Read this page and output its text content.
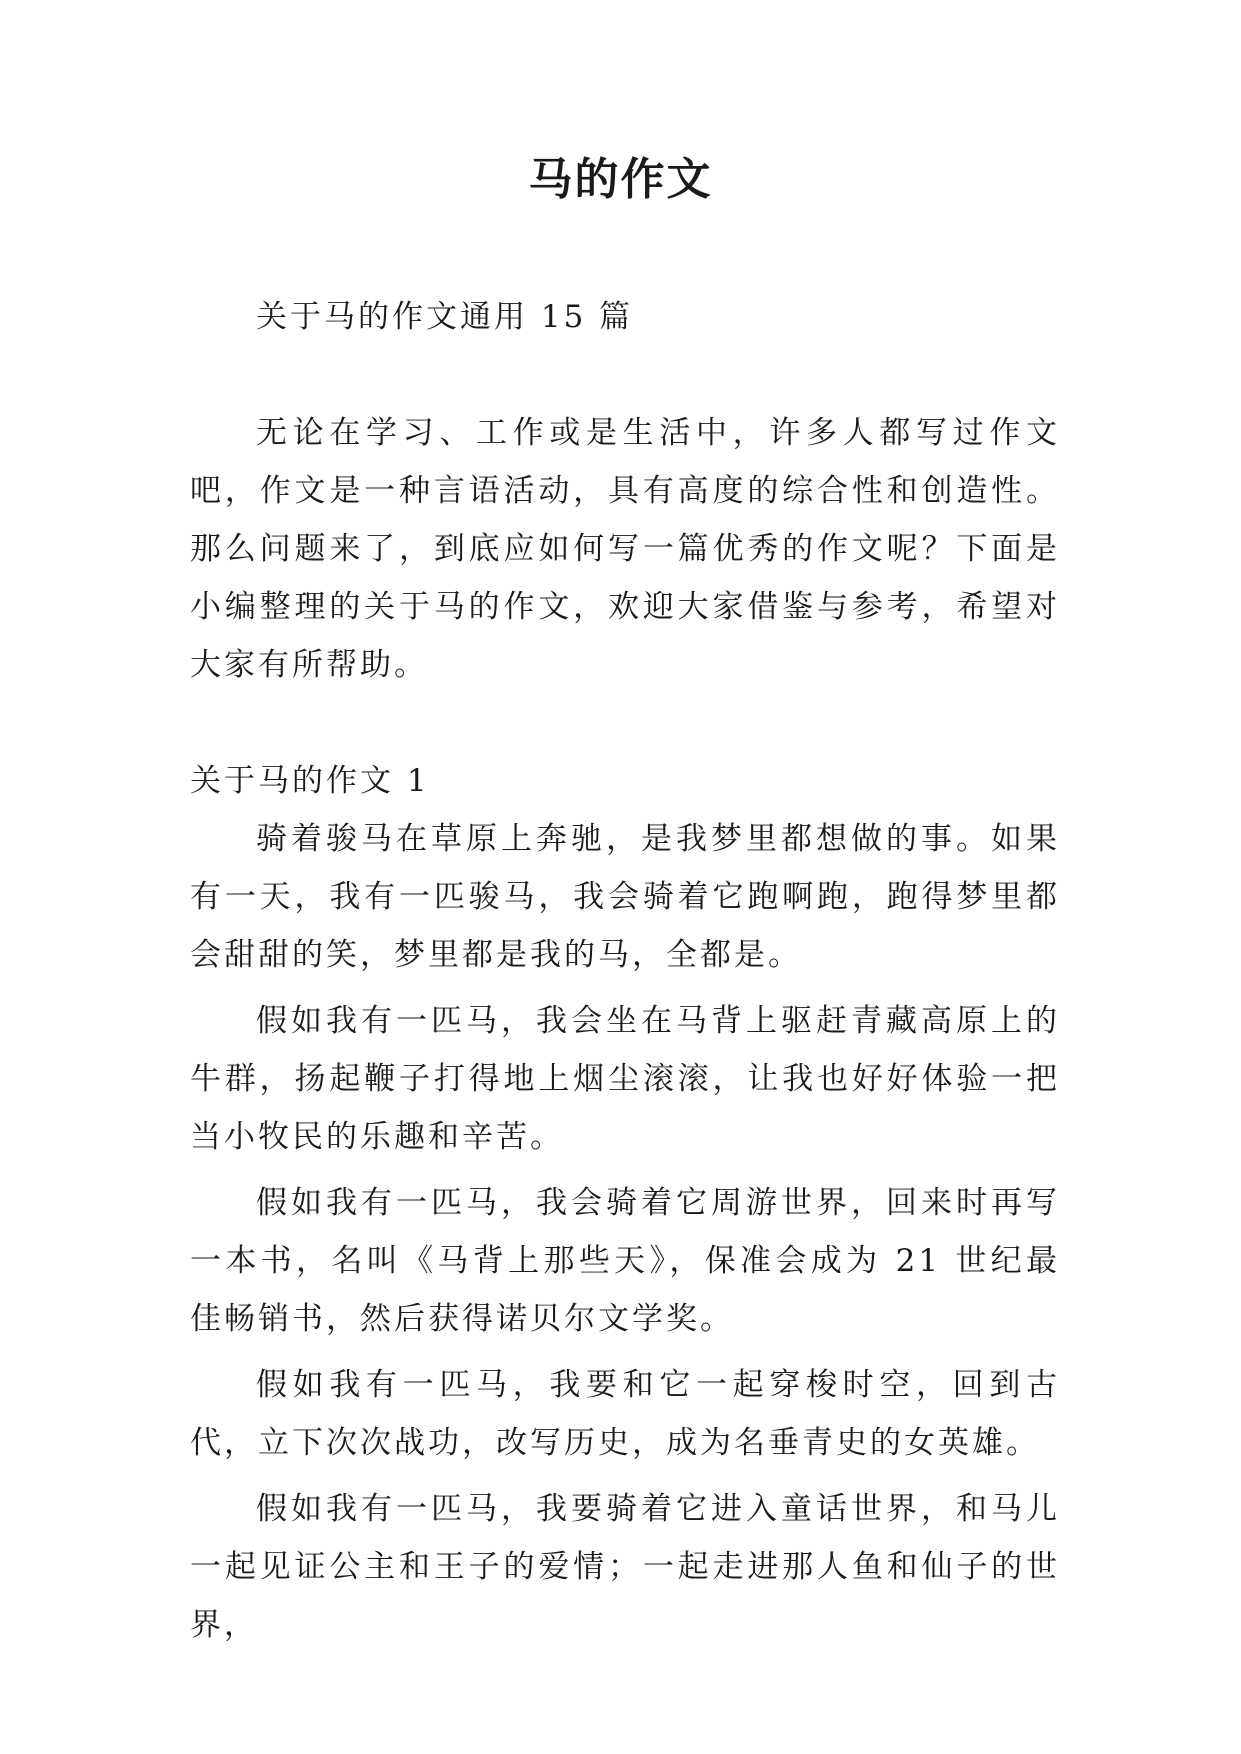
马的作文

关于马的作文通用 15 篇

无论在学习、工作或是生活中，许多人都写过作文吧，作文是一种言语活动，具有高度的综合性和创造性。那么问题来了，到底应如何写一篇优秀的作文呢？下面是小编整理的关于马的作文，欢迎大家借鉴与参考，希望对大家有所帮助。

关于马的作文 1

骑着骏马在草原上奔驰，是我梦里都想做的事。如果有一天，我有一匹骏马，我会骑着它跑啊跑，跑得梦里都会甜甜的笑，梦里都是我的马，全都是。

假如我有一匹马，我会坐在马背上驱赶青藏高原上的牛群，扬起鞭子打得地上烟尘滚滚，让我也好好体验一把当小牧民的乐趣和辛苦。

假如我有一匹马，我会骑着它周游世界，回来时再写一本书，名叫《马背上那些天》，保准会成为 21 世纪最佳畅销书，然后获得诺贝尔文学奖。

假如我有一匹马，我要和它一起穿梭时空，回到古代，立下次次战功，改写历史，成为名垂青史的女英雄。

假如我有一匹马，我要骑着它进入童话世界，和马儿一起见证公主和王子的爱情；一起走进那人鱼和仙子的世界，
